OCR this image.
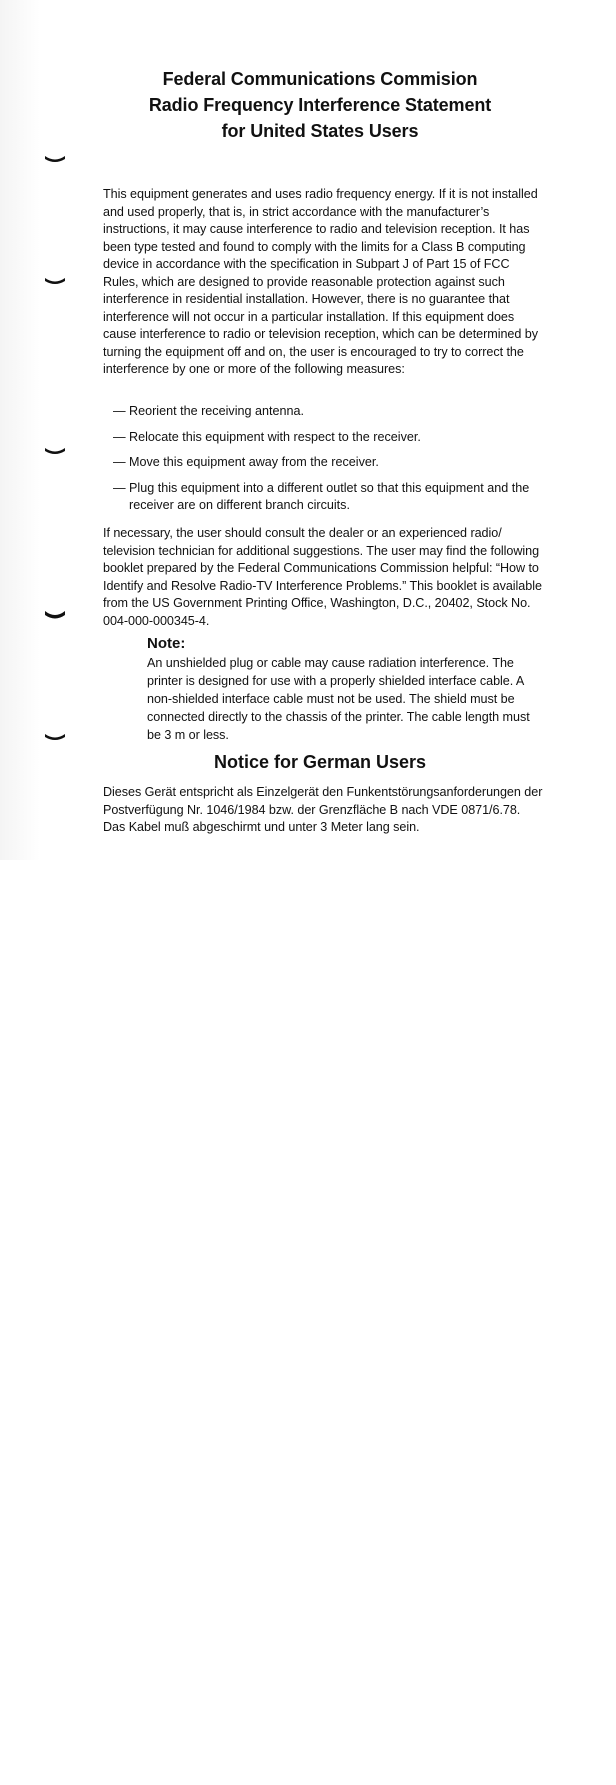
Federal Communications Commision
Radio Frequency Interference Statement
for United States Users

This equipment generates and uses radio frequency energy. If it is not installed and used properly, that is, in strict accordance with the manufacturer’s instructions, it may cause interference to radio and television reception. It has been type tested and found to comply with the limits for a Class B computing device in accordance with the specification in Subpart J of Part 15 of FCC Rules, which are designed to provide reasonable protection against such interference in residential installation. However, there is no guarantee that interference will not occur in a particular installation. If this equipment does cause interference to radio or television reception, which can be determined by turning the equipment off and on, the user is encouraged to try to correct the interference by one or more of the following measures:

— Reorient the receiving antenna.
— Relocate this equipment with respect to the receiver.
— Move this equipment away from the receiver.
— Plug this equipment into a different outlet so that this equipment and the receiver are on different branch circuits.

If necessary, the user should consult the dealer or an experienced radio/ television technician for additional suggestions. The user may find the following booklet prepared by the Federal Communications Commission helpful: “How to Identify and Resolve Radio-TV Interference Problems.” This booklet is available from the US Government Printing Office, Washington, D.C., 20402, Stock No. 004-000-000345-4.

Note:

An unshielded plug or cable may cause radiation interference. The printer is designed for use with a properly shielded interface cable. A non-shielded interface cable must not be used. The shield must be connected directly to the chassis of the printer. The cable length must be 3 m or less.

Notice for German Users
Dieses Gerät entspricht als Einzelgerät den Funkentstörungsanforderungen der Postverfügung Nr. 1046/1984 bzw. der Grenzfläche B nach VDE 0871/6.78.
Das Kabel muß abgeschirmt und unter 3 Meter lang sein.
